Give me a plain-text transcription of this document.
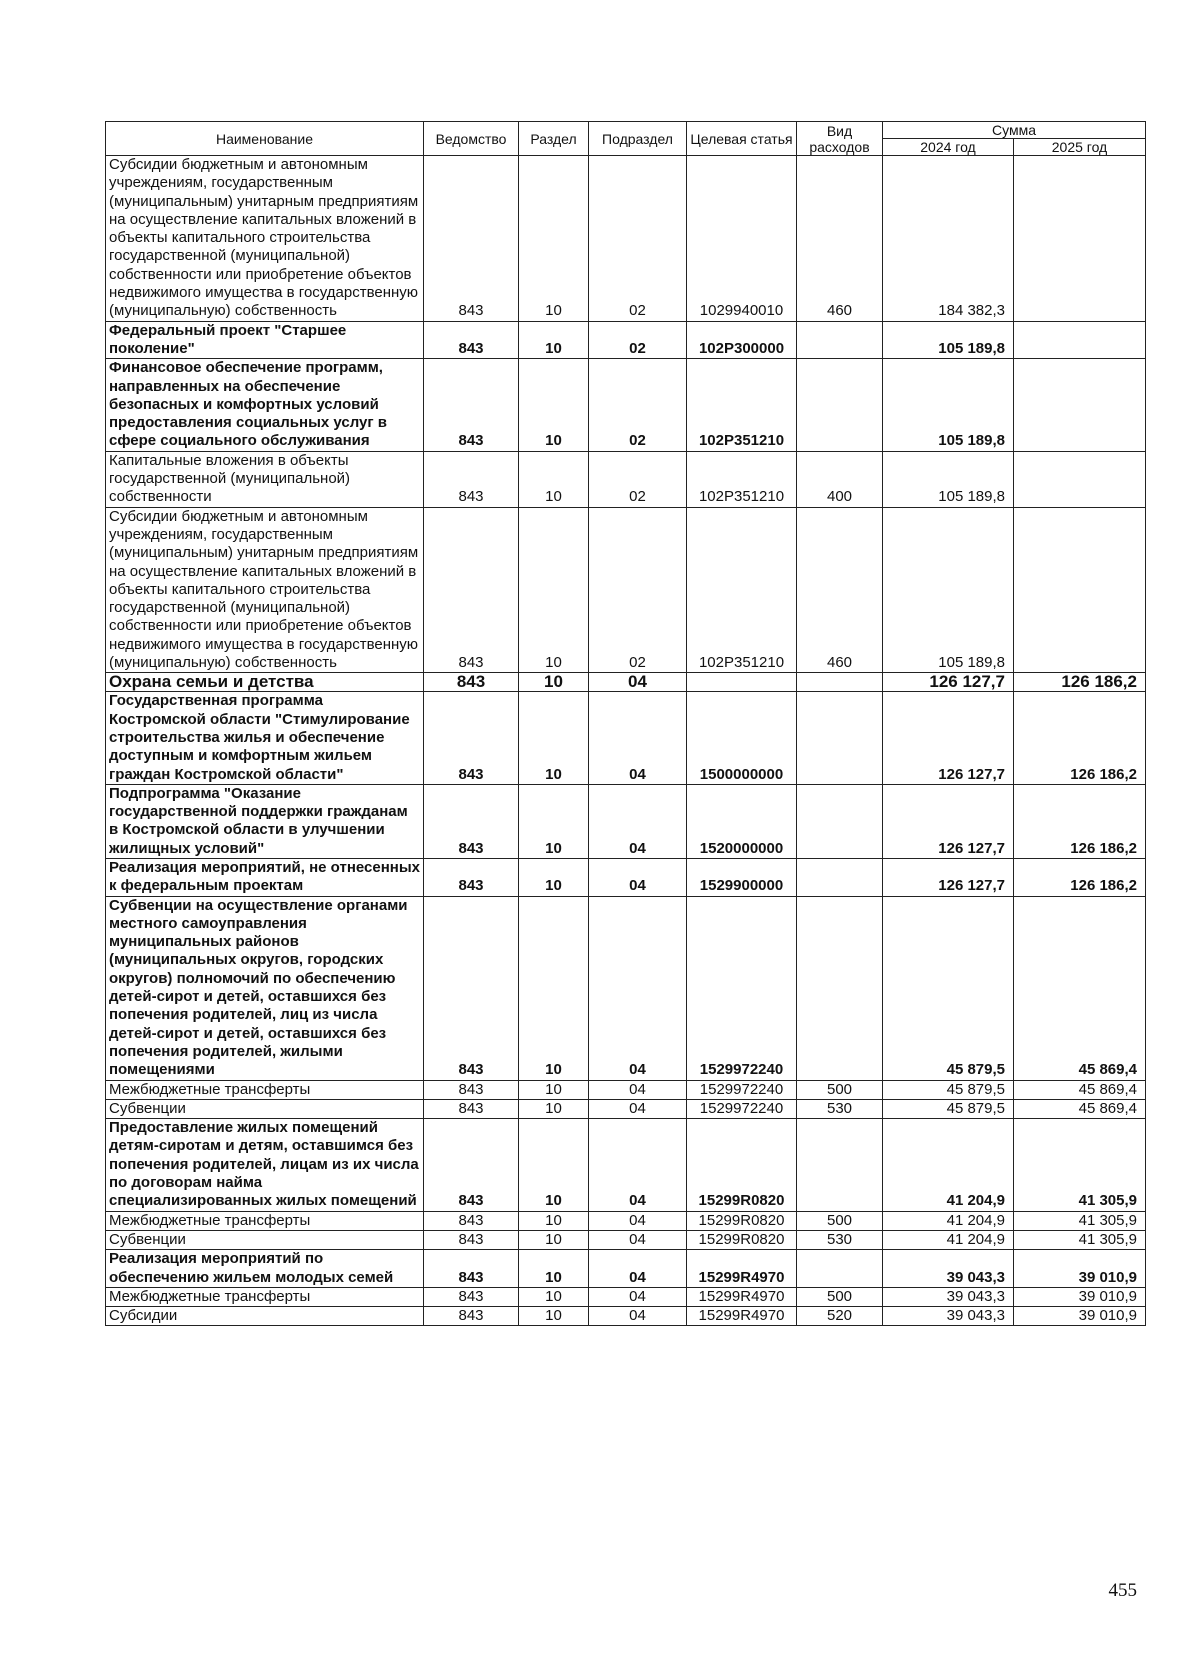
Наименование	Ведомство	Раздел	Подраздел	Целевая статья	Вид расходов	Сумма	
						2024 год	2025 год
Субсидии бюджетным и автономным учреждениям, государственным (муниципальным) унитарным предприятиям на осуществление капитальных вложений в объекты капитального строительства государственной (муниципальной) собственности или приобретение объектов недвижимого имущества в государственную (муниципальную) собственность	843	10	02	1029940010	460	184 382,3	
Федеральный проект "Старшее поколение"	843	10	02	102P300000		105 189,8	
Финансовое обеспечение программ, направленных на обеспечение безопасных и комфортных условий предоставления социальных услуг в сфере социального обслуживания	843	10	02	102P351210		105 189,8	
Капитальные вложения в объекты государственной (муниципальной) собственности	843	10	02	102P351210	400	105 189,8	
Субсидии бюджетным и автономным учреждениям, государственным (муниципальным) унитарным предприятиям на осуществление капитальных вложений в объекты капитального строительства государственной (муниципальной) собственности или приобретение объектов недвижимого имущества в государственную (муниципальную) собственность	843	10	02	102P351210	460	105 189,8	
Охрана семьи и детства	843	10	04			126 127,7	126 186,2
Государственная программа Костромской области "Стимулирование строительства жилья и обеспечение доступным и комфортным жильем граждан Костромской области"	843	10	04	1500000000		126 127,7	126 186,2
Подпрограмма "Оказание государственной поддержки гражданам в Костромской области в улучшении жилищных условий"	843	10	04	1520000000		126 127,7	126 186,2
Реализация мероприятий, не отнесенных к федеральным проектам	843	10	04	1529900000		126 127,7	126 186,2
Субвенции на осуществление органами местного самоуправления муниципальных районов (муниципальных округов, городских округов) полномочий по обеспечению детей-сирот и детей, оставшихся без попечения родителей, лиц из числа детей-сирот и детей, оставшихся без попечения родителей, жилыми помещениями	843	10	04	1529972240		45 879,5	45 869,4
Межбюджетные трансферты	843	10	04	1529972240	500	45 879,5	45 869,4
Субвенции	843	10	04	1529972240	530	45 879,5	45 869,4
Предоставление жилых помещений детям-сиротам и детям, оставшимся без попечения родителей, лицам из их числа по договорам найма специализированных жилых помещений	843	10	04	15299R0820		41 204,9	41 305,9
Межбюджетные трансферты	843	10	04	15299R0820	500	41 204,9	41 305,9
Субвенции	843	10	04	15299R0820	530	41 204,9	41 305,9
Реализация мероприятий по обеспечению жильем молодых семей	843	10	04	15299R4970		39 043,3	39 010,9
Межбюджетные трансферты	843	10	04	15299R4970	500	39 043,3	39 010,9
Субсидии	843	10	04	15299R4970	520	39 043,3	39 010,9
455
